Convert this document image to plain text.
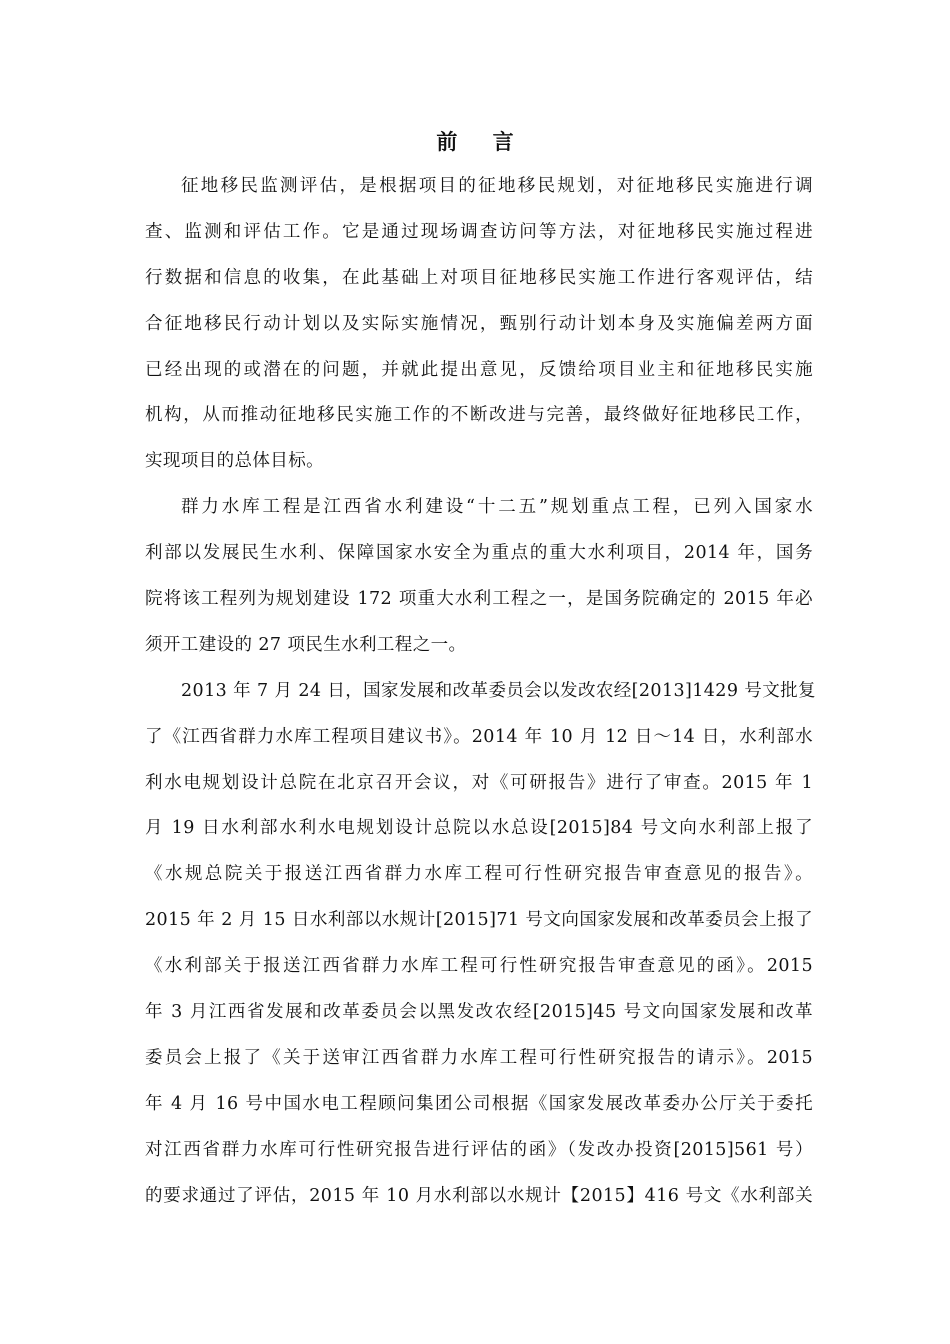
前 言
征地移民监测评估，是根据项目的征地移民规划，对征地移民实施进行调
查、监测和评估工作。它是通过现场调查访问等方法，对征地移民实施过程进
行数据和信息的收集，在此基础上对项目征地移民实施工作进行客观评估，结
合征地移民行动计划以及实际实施情况，甄别行动计划本身及实施偏差两方面
已经出现的或潜在的问题，并就此提出意见，反馈给项目业主和征地移民实施
机构，从而推动征地移民实施工作的不断改进与完善，最终做好征地移民工作，
实现项目的总体目标。
群力水库工程是江西省水利建设“十二五”规划重点工程，已列入国家水
利部以发展民生水利、保障国家水安全为重点的重大水利项目，2014 年，国务
院将该工程列为规划建设 172 项重大水利工程之一，是国务院确定的 2015 年必
须开工建设的 27 项民生水利工程之一。
2013 年 7 月 24 日，国家发展和改革委员会以发改农经[2013]1429 号文批复
了《江西省群力水库工程项目建议书》。2014 年 10 月 12 日～14 日，水利部水
利水电规划设计总院在北京召开会议，对《可研报告》进行了审查。2015 年 1
月 19 日水利部水利水电规划设计总院以水总设[2015]84 号文向水利部上报了
《水规总院关于报送江西省群力水库工程可行性研究报告审查意见的报告》。
2015 年 2 月 15 日水利部以水规计[2015]71 号文向国家发展和改革委员会上报了
《水利部关于报送江西省群力水库工程可行性研究报告审查意见的函》。2015
年 3 月江西省发展和改革委员会以黑发改农经[2015]45 号文向国家发展和改革
委员会上报了《关于送审江西省群力水库工程可行性研究报告的请示》。2015
年 4 月 16 号中国水电工程顾问集团公司根据《国家发展改革委办公厅关于委托
对江西省群力水库可行性研究报告进行评估的函》（发改办投资[2015]561 号）
的要求通过了评估，2015 年 10 月水利部以水规计【2015】416 号文《水利部关
